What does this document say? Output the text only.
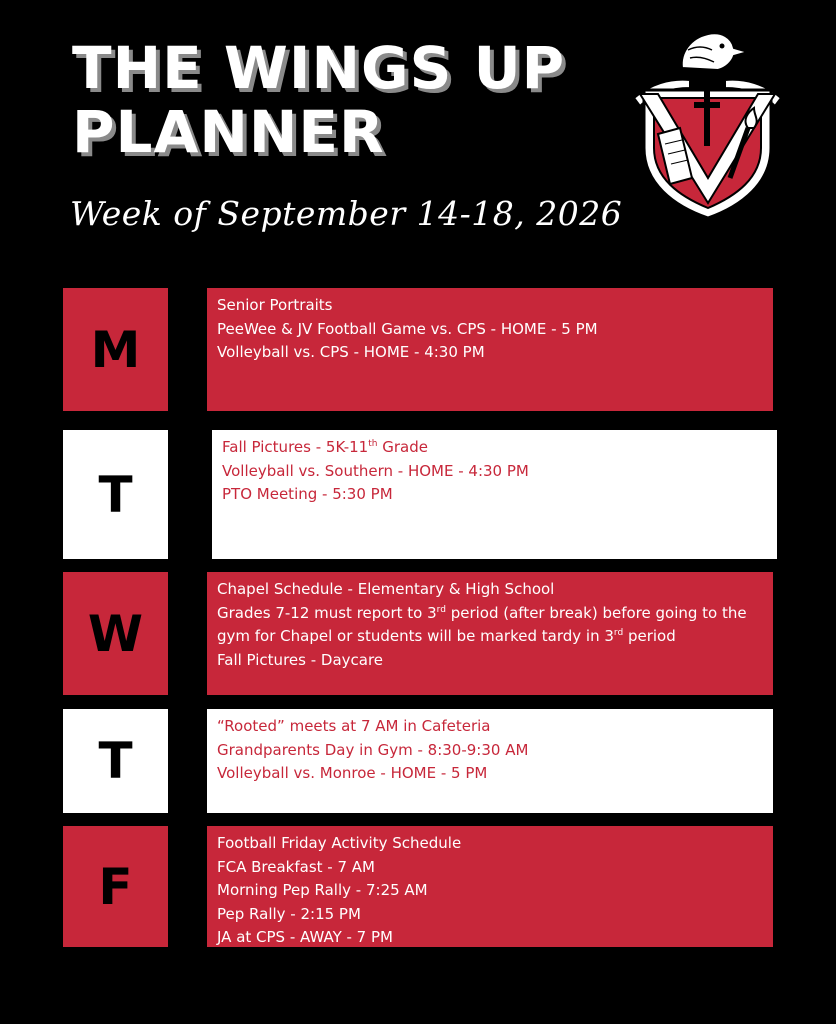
THE WINGS UP
PLANNER
Week of September 14-18, 2026
M
Senior Portraits
PeeWee & JV Football Game vs. CPS - HOME - 5 PM
Volleyball vs. CPS - HOME - 4:30 PM
T
Fall Pictures - 5K-11th Grade
Volleyball vs. Southern - HOME - 4:30 PM
PTO Meeting - 5:30 PM
W
Chapel Schedule - Elementary & High School
Grades 7-12 must report to 3rd period (after break) before going to the gym for Chapel or students will be marked tardy in 3rd period
Fall Pictures - Daycare
T
“Rooted” meets at 7 AM in Cafeteria
Grandparents Day in Gym - 8:30-9:30 AM
Volleyball vs. Monroe - HOME - 5 PM
F
Football Friday Activity Schedule
FCA Breakfast - 7 AM
Morning Pep Rally - 7:25 AM
Pep Rally - 2:15 PM
JA at CPS - AWAY - 7 PM
